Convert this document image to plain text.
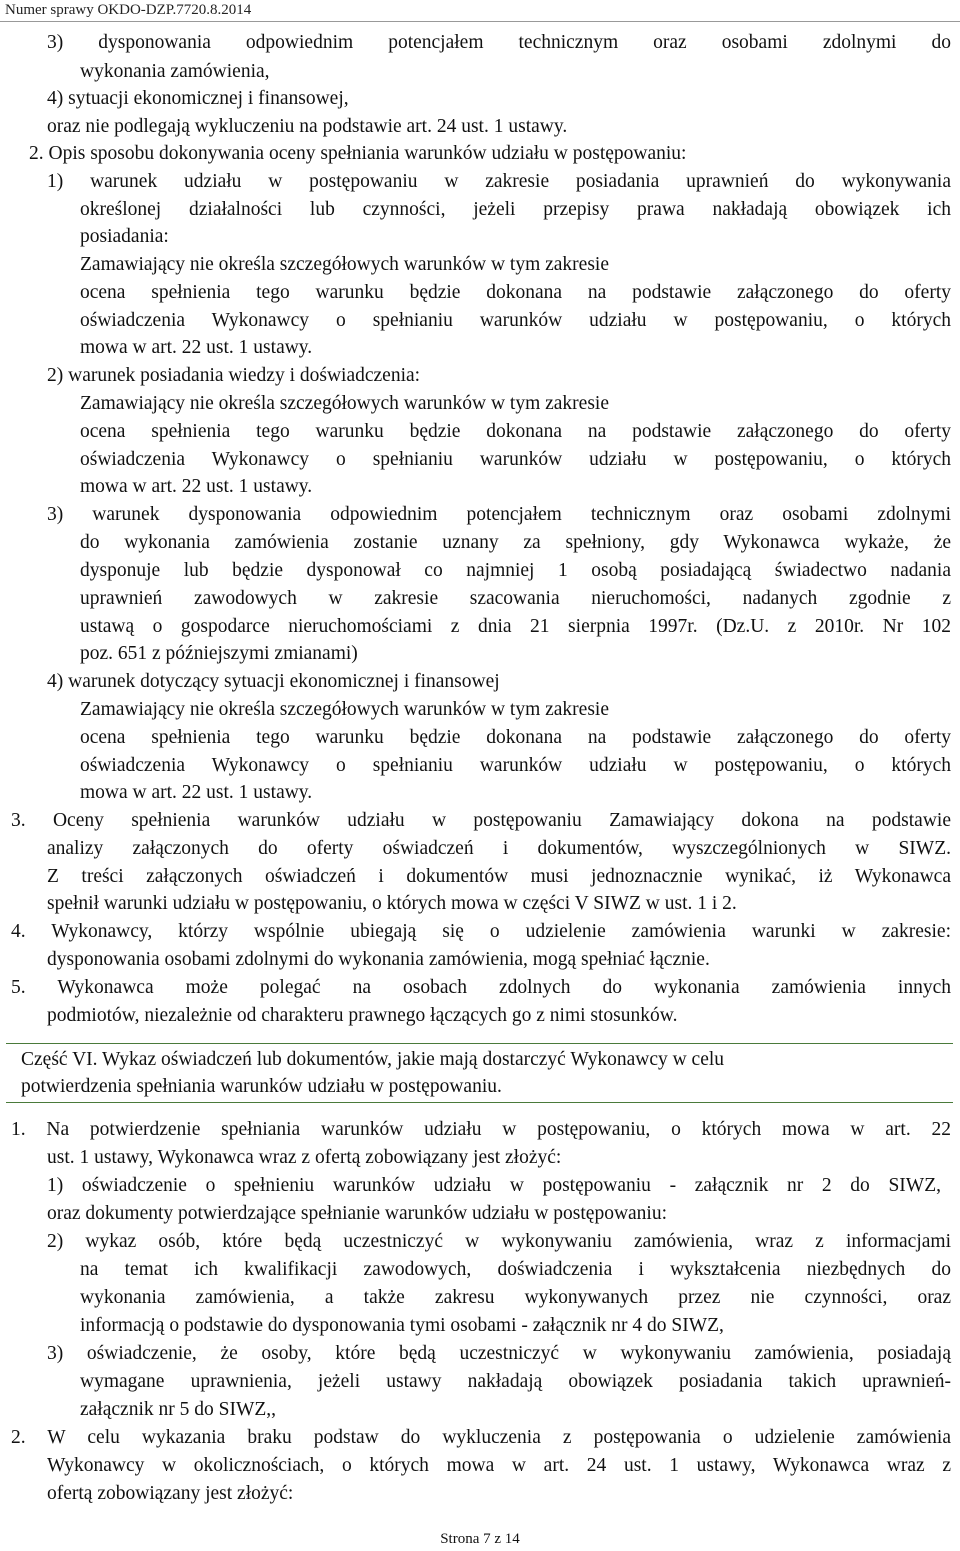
Numer sprawy OKDO-DZP.7720.8.2014
3) dysponowania odpowiednim potencjałem technicznym oraz osobami zdolnymi do
wykonania zamówienia,
4) sytuacji ekonomicznej i finansowej,
oraz nie podlegają wykluczeniu na podstawie art. 24 ust. 1 ustawy.
2. Opis sposobu dokonywania oceny spełniania warunków udziału w postępowaniu:
1) warunek udziału w postępowaniu w zakresie posiadania uprawnień do wykonywania
określonej działalności lub czynności, jeżeli przepisy prawa nakładają obowiązek ich
posiadania:
Zamawiający nie określa szczegółowych warunków w tym zakresie
ocena spełnienia tego warunku będzie dokonana na podstawie załączonego do oferty
oświadczenia Wykonawcy o spełnianiu warunków udziału w postępowaniu, o których
mowa w art. 22 ust. 1 ustawy.
2) warunek posiadania wiedzy i doświadczenia:
Zamawiający nie określa szczegółowych warunków w tym zakresie
ocena spełnienia tego warunku będzie dokonana na podstawie załączonego do oferty
oświadczenia Wykonawcy o spełnianiu warunków udziału w postępowaniu, o których
mowa w art. 22 ust. 1 ustawy.
3) warunek dysponowania odpowiednim potencjałem technicznym oraz osobami zdolnymi
do wykonania zamówienia zostanie uznany za spełniony, gdy Wykonawca wykaże, że
dysponuje lub będzie dysponował co najmniej 1 osobą posiadającą świadectwo nadania
uprawnień zawodowych w zakresie szacowania nieruchomości, nadanych zgodnie z
ustawą o gospodarce nieruchomościami z dnia 21 sierpnia 1997r. (Dz.U. z 2010r. Nr 102
poz. 651 z późniejszymi zmianami)
4) warunek dotyczący sytuacji ekonomicznej i finansowej
Zamawiający nie określa szczegółowych warunków w tym zakresie
ocena spełnienia tego warunku będzie dokonana na podstawie załączonego do oferty
oświadczenia Wykonawcy o spełnianiu warunków udziału w postępowaniu, o których
mowa w art. 22 ust. 1 ustawy.
3. Oceny spełnienia warunków udziału w postępowaniu Zamawiający dokona na podstawie
analizy załączonych do oferty oświadczeń i dokumentów, wyszczególnionych w SIWZ.
Z treści załączonych oświadczeń i dokumentów musi jednoznacznie wynikać, iż Wykonawca
spełnił warunki udziału w postępowaniu, o których mowa w części V SIWZ w ust. 1 i 2.
4. Wykonawcy, którzy wspólnie ubiegają się o udzielenie zamówienia warunki w zakresie:
dysponowania osobami zdolnymi do wykonania zamówienia, mogą spełniać łącznie.
5. Wykonawca może polegać na osobach zdolnych do wykonania zamówienia innych
podmiotów, niezależnie od charakteru prawnego łączących go z nimi stosunków.
Część VI. Wykaz oświadczeń lub dokumentów, jakie mają dostarczyć Wykonawcy w celu
potwierdzenia spełniania warunków udziału w postępowaniu.
1. Na potwierdzenie spełniania warunków udziału w postępowaniu, o których mowa w art. 22
ust. 1 ustawy, Wykonawca wraz z ofertą zobowiązany jest złożyć:
1) oświadczenie o spełnieniu warunków udziału w postępowaniu - załącznik nr 2 do SIWZ,
oraz dokumenty potwierdzające spełnianie warunków udziału w postępowaniu:
2) wykaz osób, które będą uczestniczyć w wykonywaniu zamówienia, wraz z informacjami
na temat ich kwalifikacji zawodowych, doświadczenia i wykształcenia niezbędnych do
wykonania zamówienia, a także zakresu wykonywanych przez nie czynności, oraz
informacją o podstawie do dysponowania tymi osobami - załącznik nr 4 do SIWZ,
3) oświadczenie, że osoby, które będą uczestniczyć w wykonywaniu zamówienia, posiadają
wymagane uprawnienia, jeżeli ustawy nakładają obowiązek posiadania takich uprawnień-
załącznik nr 5 do SIWZ,,
2. W celu wykazania braku podstaw do wykluczenia z postępowania o udzielenie zamówienia
Wykonawcy w okolicznościach, o których mowa w art. 24 ust. 1 ustawy, Wykonawca wraz z
ofertą zobowiązany jest złożyć:
Strona 7 z 14
